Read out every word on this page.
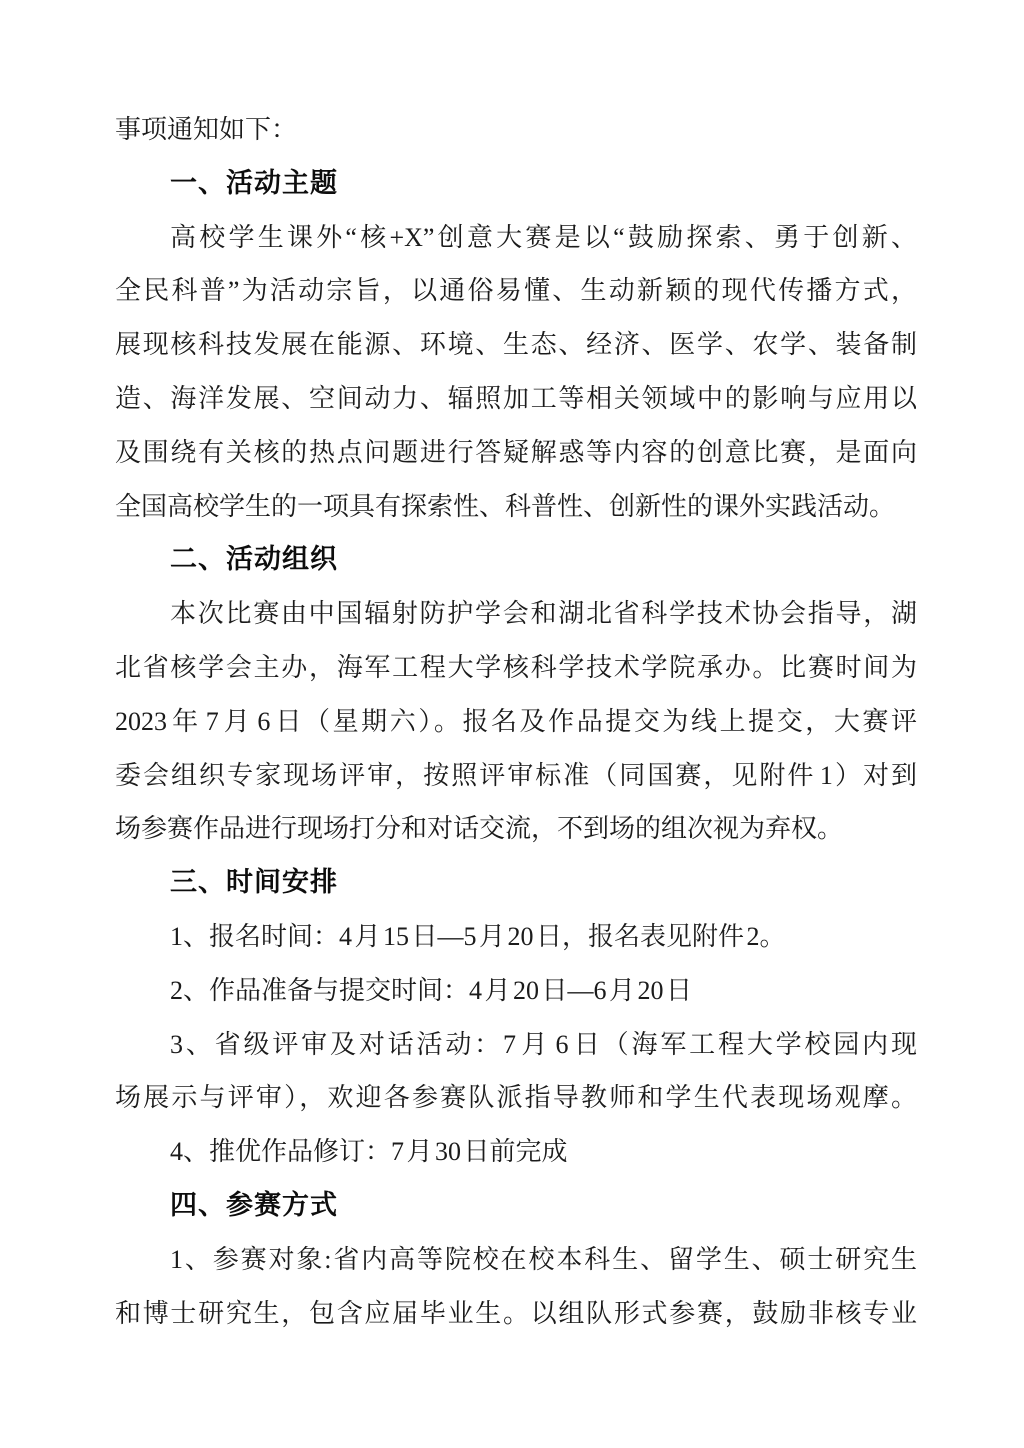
事项通知如下：
一、活动主题
高校学生课外“核+X”创意大赛是以“鼓励探索、勇于创新、
全民科普”为活动宗旨，以通俗易懂、生动新颖的现代传播方式，
展现核科技发展在能源、环境、生态、经济、医学、农学、装备制
造、海洋发展、空间动力、辐照加工等相关领域中的影响与应用以
及围绕有关核的热点问题进行答疑解惑等内容的创意比赛，是面向
全国高校学生的一项具有探索性、科普性、创新性的课外实践活动。
二、活动组织
本次比赛由中国辐射防护学会和湖北省科学技术协会指导，湖
北省核学会主办，海军工程大学核科学技术学院承办。比赛时间为
2023 年 7 月 6 日（星期六）。报名及作品提交为线上提交，大赛评
委会组织专家现场评审，按照评审标准（同国赛，见附件 1）对到
场参赛作品进行现场打分和对话交流，不到场的组次视为弃权。
三、时间安排
1、报名时间：4 月 15 日—5 月 20 日，报名表见附件 2。
2、作品准备与提交时间：4 月 20 日—6 月 20 日
3、省级评审及对话活动：7 月 6 日（海军工程大学校园内现
场展示与评审），欢迎各参赛队派指导教师和学生代表现场观摩。
4、推优作品修订：7 月 30 日前完成
四、参赛方式
1、参赛对象:省内高等院校在校本科生、留学生、硕士研究生
和博士研究生，包含应届毕业生。以组队形式参赛，鼓励非核专业
